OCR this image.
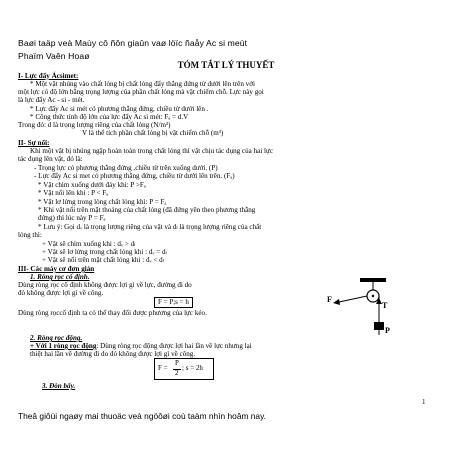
Baøi taäp veà Maùy cô ñôn giaûn vaø löïc ñaåy Ac si meùt
Phaïm Vaên Hoaø
TÓM TẮT LÝ THUYẾT
I- Lực đẩy Ácsimet:
* Một vật nhúng vào chất lỏng bị chất lỏng đẩy thẳng đứng từ dưới lên trên với
một lực có độ lớn bằng trọng lượng của phần chất lỏng mà vật chiếm chỗ. Lực này gọi
là lực đẩy Ac - si - mét.
* Lực đẩy Ac si mét có phương thẳng đứng, chiều từ dưới lên .
* Công thức tính độ lớn của lực đẩy Ac si mét: Fₐ = d.V
Trong đó: d là trọng lượng riêng của chất lỏng (N/m³)
V là thể tích phần chất lỏng bị vật chiếm chỗ (m³)
II- Sự nổi:
Khi một vật bị nhúng ngập hoàn toàn trong chất lỏng thì vật chịu tác dụng của hai lực
tác dụng lên vật, đó là:
- Trọng lực có phương thẳng đứng ,chiều từ trên xuống dưới. (P)
- Lực đẩy Ac si met có phương thẳng đứng, chiều từ dưới lên trên. (Fₐ)
* Vật chìm xuống dưới đáy khi: P >Fₐ
* Vật nổi lên khi : P < Fₐ
* Vật lơ lửng trong lòng chất lỏng khi: P = Fₐ
* Khi vật nổi trên mặt thoáng của chất lỏng (đã đứng yên theo phương thẳng
đứng) thì lúc này P = Fₐ
* Lưu ý: Gọi dᵥ là trọng lượng riêng của vật và dₗ là trọng lượng riêng của chất
lỏng thì:
+ Vật sẽ chìm xuống khi : dᵥ > dₗ
+ Vật sẽ lơ lửng trong chất lỏng khi : dᵥ = dₗ
+ Vật sẽ nổi trên mặt chất lỏng khi : dᵥ < dₗ
III- Các máy cơ đơn giản
1. Ròng rọc cố định.
Dùng ròng rọc cố định không được lợi gì về lực, đường đi do
đó không được lợi gì về công.
F = P;s = h
Dùng ròng rọccố định ta có thể thay đổi được phương của lực kéo.
2. Ròng rọc động.
+ Với 1 ròng rọc động: Dùng ròng rọc động được lợi hai lần về lực nhưng lại
thiệt hai lần về đường đi do đó không được lợi gì về công.
F =
P
2
; s = 2h
3. Đòn bẩy.
F
T
P
1
Theâ giôùi ngaøy mai thuoäc veà ngöôøi coù taàm nhìn hoâm nay.
